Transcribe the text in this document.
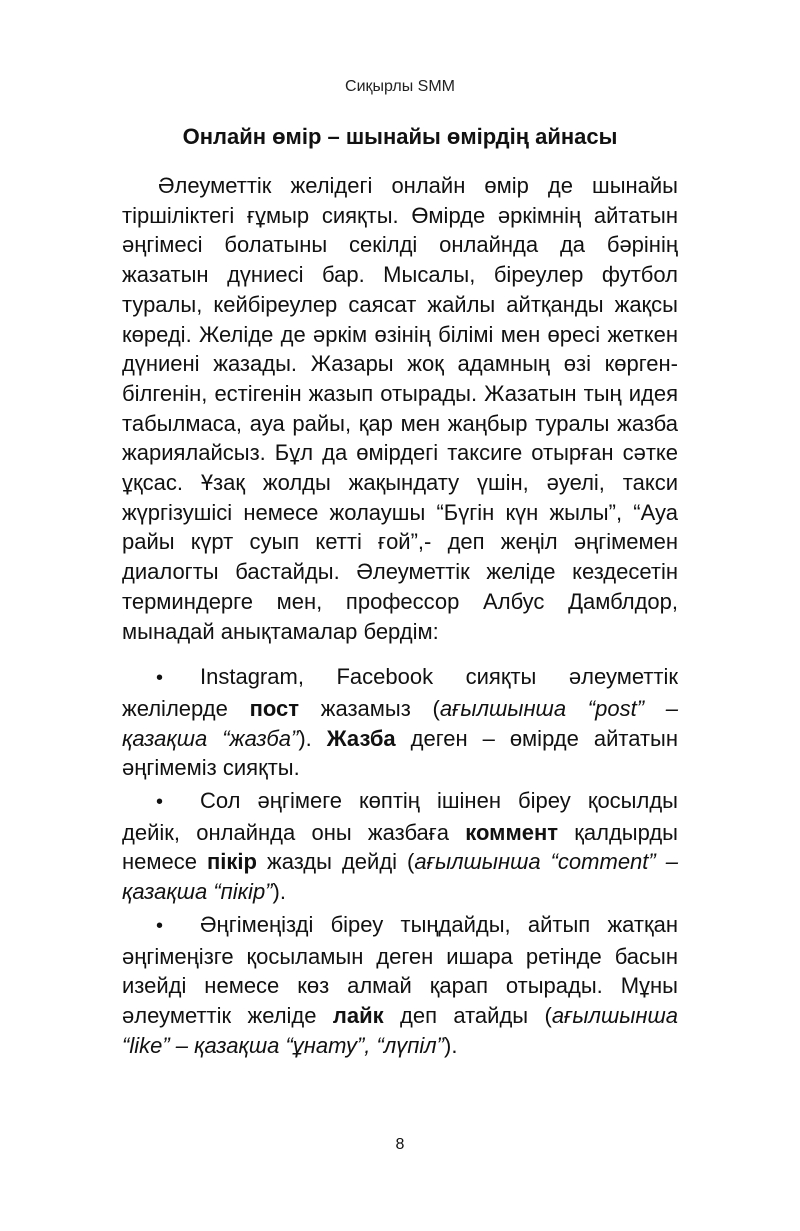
Сиқырлы SMM
Онлайн өмір – шынайы өмірдің айнасы

Әлеуметтік желідегі онлайн өмір де шынайы тіршіліктегі ғұмыр сияқты. Өмірде әркімнің айтатын әңгімесі болатыны секілді онлайнда да бәрінің жазатын дүниесі бар. Мысалы, біреулер футбол туралы, кейбіреулер саясат жайлы айтқанды жақсы көреді. Желіде де әркім өзінің білімі мен өресі жеткен дүниені жазады. Жазары жоқ адамның өзі көрген-білгенін, естігенін жазып отырады. Жазатын тың идея табылмаса, ауа райы, қар мен жаңбыр туралы жазба жариялайсыз. Бұл да өмірдегі таксиге отырған сәтке ұқсас. Ұзақ жолды жақындату үшін, әуелі, такси жүргізушісі немесе жолаушы “Бүгін күн жылы”, “Ауа райы күрт суып кетті ғой”,- деп жеңіл әңгімемен диалогты бастайды. Әлеуметтік желіде кездесетін терминдерге мен, профессор Албус Дамблдор, мынадай анықтамалар бердім:

• Instagram, Facebook сияқты әлеуметтік желілерде пост жазамыз (ағылшынша “post” – қазақша “жазба”). Жазба деген – өмірде айтатын әңгімеміз сияқты.

• Сол әңгімеге көптің ішінен біреу қосылды дейік, онлайнда оны жазбаға коммент қалдырды немесе пікір жазды дейді (ағылшынша “comment” – қазақша “пікір”).

• Әңгімеңізді біреу тыңдайды, айтып жатқан әңгімеңізге қосыламын деген ишара ретінде басын изейді немесе көз алмай қарап отырады. Мұны әлеуметтік желіде лайк деп атайды (ағылшынша “like” – қазақша “ұнату”, “лүпіл”).

8
